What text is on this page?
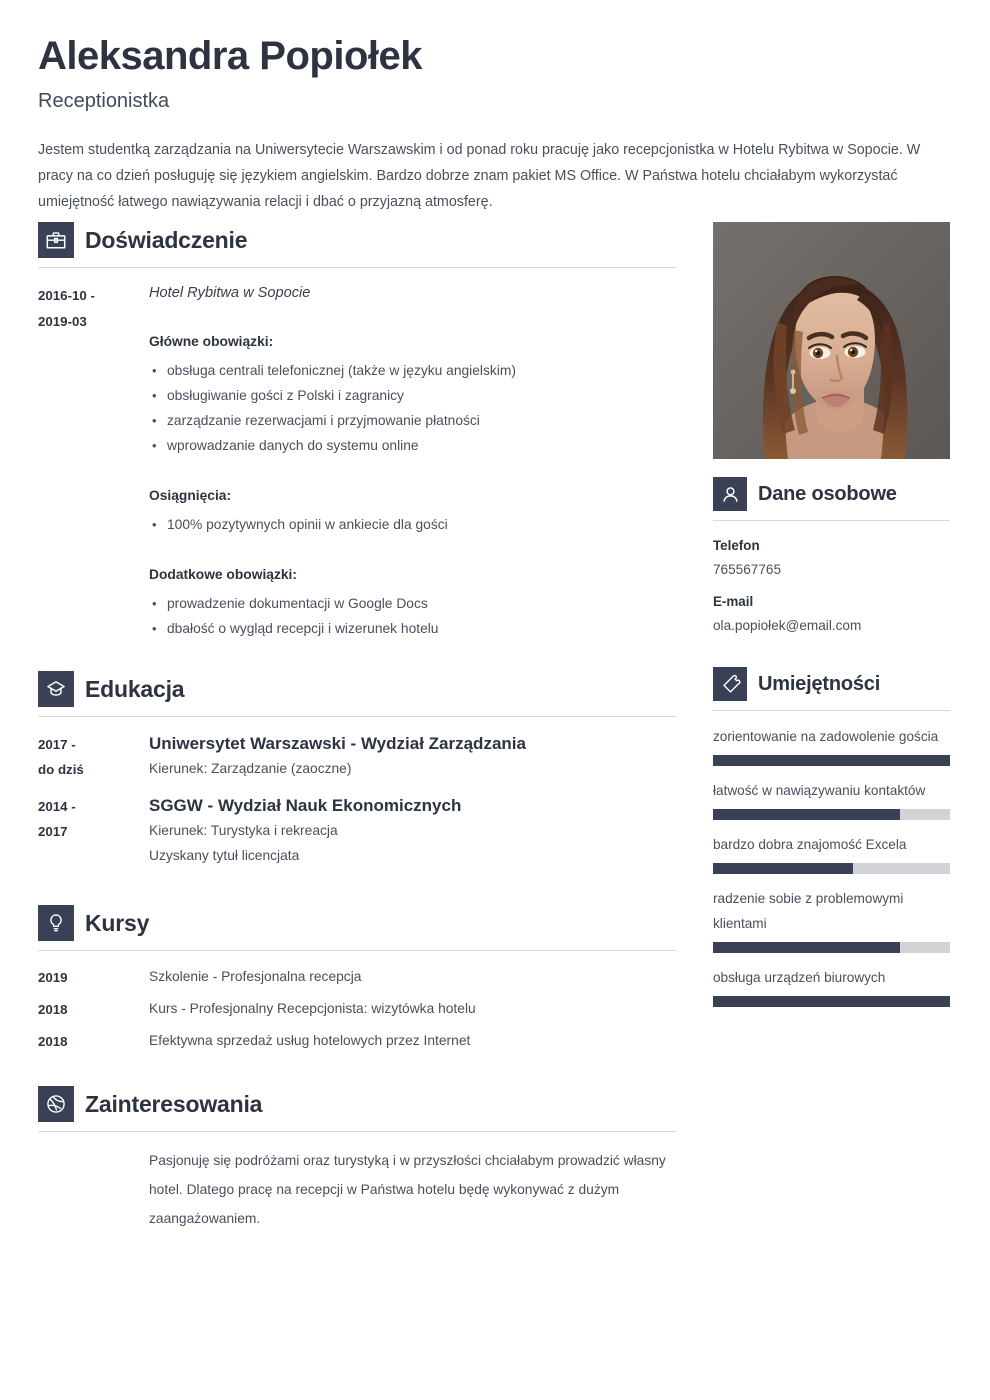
Aleksandra Popiołek
Receptionistka

Jestem studentką zarządzania na Uniwersytecie Warszawskim i od ponad roku pracuję jako recepcjonistka w Hotelu Rybitwa w Sopocie. W pracy na co dzień posługuję się językiem angielskim. Bardzo dobrze znam pakiet MS Office. W Państwa hotelu chciałabym wykorzystać umiejętność łatwego nawiązywania relacji i dbać o przyjazną atmosferę.

Doświadczenie
2016-10 -
2019-03
Hotel Rybitwa w Sopocie
Główne obowiązki:
• obsługa centrali telefonicznej (także w języku angielskim)
• obsługiwanie gości z Polski i zagranicy
• zarządzanie rezerwacjami i przyjmowanie płatności
• wprowadzanie danych do systemu online
Osiągnięcia:
• 100% pozytywnych opinii w ankiecie dla gości
Dodatkowe obowiązki:
• prowadzenie dokumentacji w Google Docs
• dbałość o wygląd recepcji i wizerunek hotelu
Edukacja
2017 -
do dziś
Uniwersytet Warszawski - Wydział Zarządzania
Kierunek: Zarządzanie (zaoczne)
2014 -
2017
SGGW - Wydział Nauk Ekonomicznych
Kierunek: Turystyka i rekreacja
Uzyskany tytuł licencjata
Kursy
2019	Szkolenie - Profesjonalna recepcja
2018	Kurs - Profesjonalny Recepcjonista: wizytówka hotelu
2018	Efektywna sprzedaż usług hotelowych przez Internet
Zainteresowania
Pasjonuję się podróżami oraz turystyką i w przyszłości chciałabym prowadzić własny hotel. Dlatego pracę na recepcji w Państwa hotelu będę wykonywać z dużym zaangażowaniem.
Dane osobowe
Telefon
765567765
E-mail
ola.popiołek@email.com
Umiejętności
zorientowanie na zadowolenie gościa
łatwość w nawiązywaniu kontaktów
bardzo dobra znajomość Excela
radzenie sobie z problemowymi klientami
obsługa urządzeń biurowych
